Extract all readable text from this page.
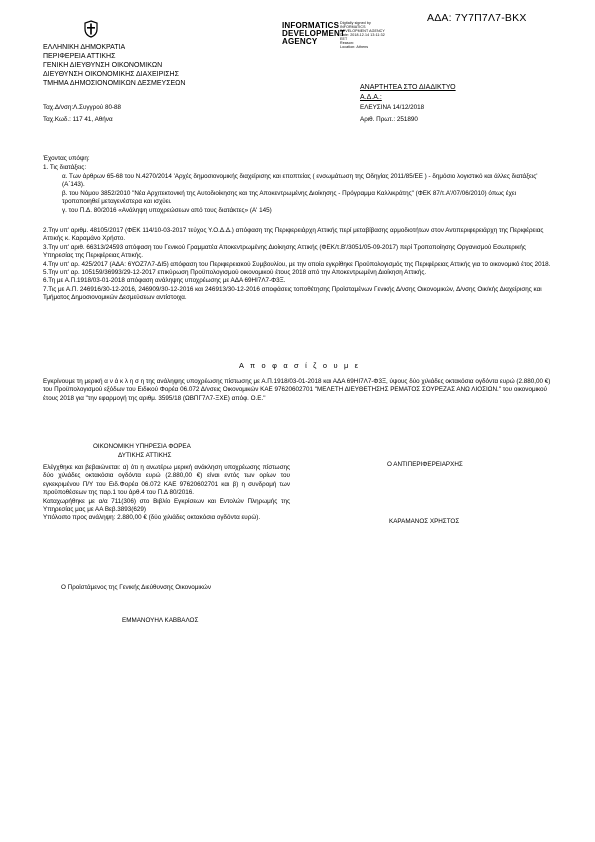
ΑΔΑ: 7Υ7Π7Λ7-ΒΚΧ
INFORMATICS
DEVELOPMENT
AGENCY
Digitally signed by
INFORMATICS
DEVELOPMENT AGENCY
Date: 2018.12.14 13:11:32
EET
Reason:
Location: Athens
ΕΛΛΗΝΙΚΗ ΔΗΜΟΚΡΑΤΙΑ
ΠΕΡΙΦΕΡΕΙΑ ΑΤΤΙΚΗΣ
ΓΕΝΙΚΗ ΔΙΕΥΘΥΝΣΗ ΟΙΚΟΝΟΜΙΚΩΝ
ΔΙΕΥΘΥΝΣΗ ΟΙΚΟΝΟΜΙΚΗΣ ΔΙΑΧΕΙΡΙΣΗΣ
ΤΜΗΜΑ ΔΗΜΟΣΙΟΝΟΜΙΚΩΝ ΔΕΣΜΕΥΣΕΩΝ
ΑΝΑΡΤΗΤΕΑ ΣΤΟ ΔΙΑΔΙΚΤΥΟ
Α.Δ.Α.:
Ταχ.Δ/νση:Λ.Συγγρού 80-88
Ταχ.Κωδ.: 117 41, Αθήνα
ΕΛΕΥΣΙΝΑ 14/12/2018
Αριθ. Πρωτ.: 251890
Έχοντας υπόψη:
1. Τις διατάξεις:

α. Των άρθρων 65-68 του Ν.4270/2014 'Αρχές δημοσιονομικής διαχείρισης και εποπτείας ( ενσωμάτωση της Οδηγίας 2011/85/ΕΕ ) - δημόσιο λογιστικό και άλλες διατάξεις' (Α΄143).

β. του Νόμου 3852/2010 "Νέα Αρχιτεκτονική της Αυτοδιοίκησης και της Αποκεντρωμένης Διοίκησης - Πρόγραμμα Καλλικράτης" (ΦΕΚ 87/τ.Α'/07/06/2010) όπως έχει τροποποιηθεί μεταγενέστερα και ισχύει.

γ. του Π.Δ. 80/2016 «Ανάληψη υποχρεώσεων από τους διατάκτες» (Α' 145)

2.Την υπ' αριθμ. 48105/2017 (ΦΕΚ 114/10-03-2017 τεύχος Υ.Ο.Δ.Δ.) απόφαση της Περιφερειάρχη Αττικής περί μεταβίβασης αρμοδιοτήτων στον Αντιπεριφερειάρχη της Περιφέρειας Αττικής κ. Καραμάνο Χρήστο.

3.Την υπ' αριθ. 66313/24593 απόφαση του Γενικού Γραμματέα Αποκεντρωμένης Διοίκησης Αττικής (ΦΕΚ/τ.Β'/3051/05-09-2017) περί Τροποποίησης Οργανισμού Εσωτερικής Υπηρεσίας της Περιφέρειας Αττικής.

4.Την υπ' αρ. 425/2017 (ΑΔΑ: 6ΥΟΖ7Λ7-ΔΙ5) απόφαση του Περιφερειακού Συμβουλίου, με την οποία εγκρίθηκε Προϋπολογισμός της Περιφέρειας Αττικής για το οικονομικό έτος 2018.

5.Την υπ' αρ. 105159/36993/29-12-2017 επικύρωση Προϋπολογισμού οικονομικού έτους 2018 από την Αποκεντρωμένη Διοίκηση Αττικής.

6.Τη με Α.Π.1918/03-01-2018 απόφαση ανάληψης υποχρέωσης με ΑΔΑ 69ΗΙ7Λ7-Φ3Ξ.

7.Τις με Α.Π. 246916/30-12-2016, 246909/30-12-2016 και 246913/30-12-2016 αποφάσεις τοποθέτησης Προϊσταμένων Γενικής Δ/νσης Οικονομικών, Δ/νσης Οικ/κής Διαχείρισης και Τμήματος Δημοσιονομικών Δεσμεύσεων αντίστοιχα.

Α π ο φ α σ ί ζ ο υ μ ε

Εγκρίνουμε τη μερική α ν ά κ λ η σ η της ανάληψης υποχρέωσης πίστωσης με Α.Π.1918/03-01-2018 και ΑΔΑ 69ΗΙ7Λ7-Φ3Ξ, ύψους δύο χιλιάδες οκτακόσια ογδόντα ευρώ (2.880,00 €) του Προϋπολογισμού εξόδων του Ειδικού Φορέα 06.072 Δ/νσεις Οικονομικών ΚΑΕ 97620602701 "ΜΕΛΕΤΗ ΔΙΕΥΘΕΤΗΣΗΣ ΡΕΜΑΤΟΣ ΣΟΥΡΕΖΑΣ ΑΝΩ ΛΙΟΣΙΩΝ." του οικονομικού έτους 2018 για "την εφαρμογή της αριθμ. 3595/18 (ΩΒΠΓ7Λ7-ΞΧΕ) απόφ. Ο.Ε."

ΟΙΚΟΝΟΜΙΚΗ ΥΠΗΡΕΣΙΑ ΦΟΡΕΑ
ΔΥΤΙΚΗΣ ΑΤΤΙΚΗΣ

Ελέγχθηκε και βεβαιώνεται: α) ότι η ανωτέρω μερική ανάκληση υποχρέωσης πίστωσης δύο χιλιάδες οκτακόσια ογδόντα ευρώ (2.880,00 €) είναι εντός των ορίων του εγκεκριμένου Π/Υ του Ειδ.Φορέα 06.072 ΚΑΕ 97620602701 και β) η συνδρομή των προϋποθέσεων της παρ.1 του άρθ.4 του Π.Δ 80/2016.

Καταχωρήθηκε με α/α 711(306) στο Βιβλίο Εγκρίσεων και Εντολών Πληρωμής της Υπηρεσίας μας με ΑΑ Βεβ.3893(629)

Υπόλοιπο προς ανάληψη: 2.880,00 € (δύο χιλιάδες οκτακόσια ογδόντα ευρώ).

Ο Προϊστάμενος της Γενικής Διεύθυνσης Οικονομικών
ΕΜΜΑΝΟΥΗΛ ΚΑΒΒΑΛΟΣ
Ο ΑΝΤΙΠΕΡΙΦΕΡΕΙΑΡΧΗΣ
ΚΑΡΑΜΑΝΟΣ ΧΡΗΣΤΟΣ
